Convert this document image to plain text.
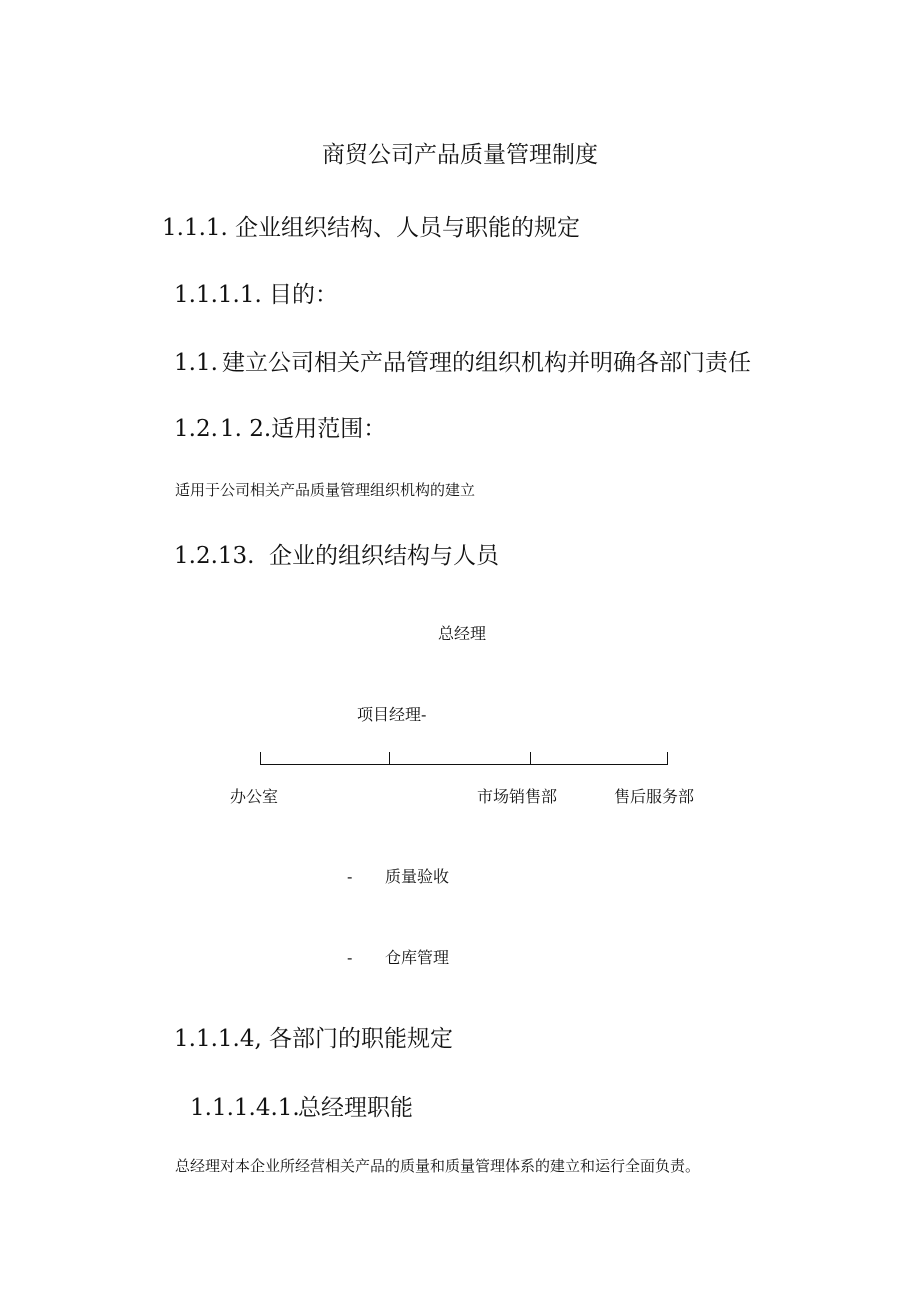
商贸公司产品质量管理制度
1.1.1. 企业组织结构、人员与职能的规定
1.1.1.1. 目的：
1.1. 建立公司相关产品管理的组织机构并明确各部门责任
1.2.1. 2.适用范围：
适用于公司相关产品质量管理组织机构的建立
1.2.13. 企业的组织结构与人员
总经理
项目经理-
办公室	市场销售部	售后服务部
- 质量验收
- 仓库管理
1.1.1.4, 各部门的职能规定
1.1.1.4.1.总经理职能
总经理对本企业所经营相关产品的质量和质量管理体系的建立和运行全面负责。
